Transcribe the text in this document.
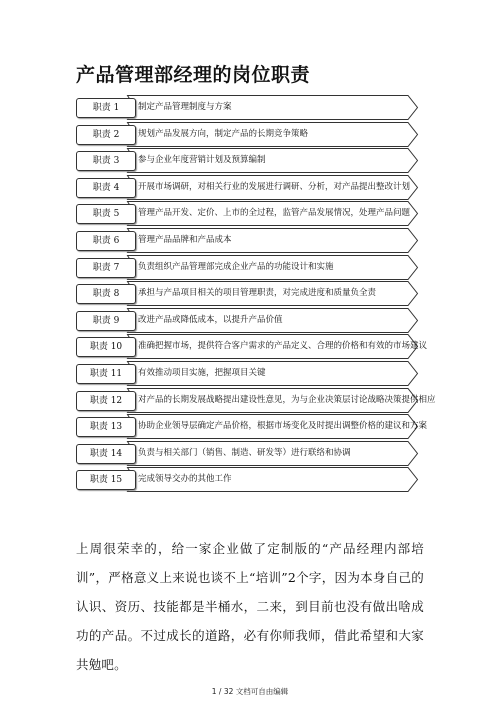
产品管理部经理的岗位职责
职责 1	制定产品管理制度与方案
职责 2	规划产品发展方向，制定产品的长期竞争策略
职责 3	参与企业年度营销计划及预算编制
职责 4	开展市场调研，对相关行业的发展进行调研、分析，对产品提出整改计划
职责 5	管理产品开发、定价、上市的全过程，监管产品发展情况，处理产品问题
职责 6	管理产品品牌和产品成本
职责 7	负责组织产品管理部完成企业产品的功能设计和实施
职责 8	承担与产品项目相关的项目管理职责，对完成进度和质量负全责
职责 9	改进产品或降低成本，以提升产品价值
职责 10	准确把握市场，提供符合客户需求的产品定义、合理的价格和有效的市场建议
职责 11	有效推动项目实施，把握项目关键
职责 12	对产品的长期发展战略提出建设性意见，为与企业决策层讨论战略决策提供相应
职责 13	协助企业领导层确定产品价格，根据市场变化及时提出调整价格的建议和方案
职责 14	负责与相关部门（销售、制造、研发等）进行联络和协调
职责 15	完成领导交办的其他工作

上周很荣幸的，给一家企业做了定制版的“产品经理内部培训”，严格意义上来说也谈不上“培训”2个字，因为本身自己的认识、资历、技能都是半桶水，二来，到目前也没有做出啥成功的产品。不过成长的道路，必有你师我师，借此希望和大家共勉吧。

1 / 32 文档可自由编辑
